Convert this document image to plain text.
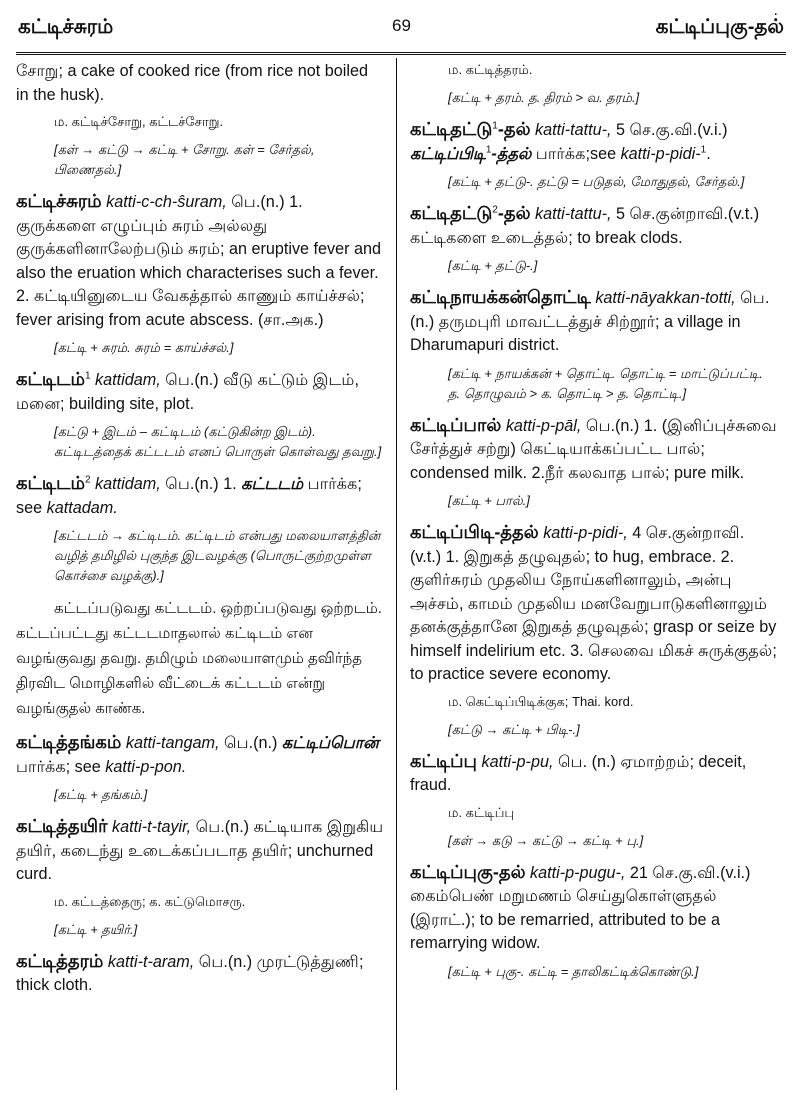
கட்டிச்சுரம்	69	கட்டிப்புகு-தல்
.

சோறு; a cake of cooked rice (from rice not boiled in the husk).

ம. கட்டிச்சோறு, கட்டச்சோறு.

[கள் → கட்டு → கட்டி + சோறு. கள் = சேர்தல், பிணைதல்.]

கட்டிச்சுரம் katti-c-ch-ŝuram, பெ.(n.) 1. குருக்களை எழுப்பும் சுரம் அல்லது குருக்களினாலேற்படும் சுரம்; an eruptive fever and also the eruation which characterises such a fever. 2. கட்டியினுடைய வேகத்தால் காணும் காய்ச்சல்; fever arising from acute abscess. (சா.அக.)

[கட்டி + சுரம். சுரம் = காய்ச்சல்.]

கட்டிடம்$^1$ kattidam, பெ.(n.) வீடு கட்டும் இடம், மனை; building site, plot.

[கட்டு + இடம் – கட்டிடம் (கட்டுகின்ற இடம்). கட்டிடத்தைக் கட்டடம் எனப் பொருள் கொள்வது தவறு.]

கட்டிடம்$^2$ kattidam, பெ.(n.) 1. கட்டடம் பார்க்க; see kattadam.

[கட்டடம் → கட்டிடம். கட்டிடம் என்பது மலையாளத்தின் வழித் தமிழில் புகுந்த இடவழக்கு (பொருட்குற்றமுள்ள கொச்சை வழக்கு).]

கட்டப்படுவது கட்டடம். ஒற்றப்படுவது ஒற்றடம். கட்டப்பட்டது கட்டடமாதலால் கட்டிடம் என வழங்குவது தவறு. தமிழும் மலையாளமும் தவிர்ந்த திரவிட மொழிகளில் வீட்டைக் கட்டடம் என்று வழங்குதல் காண்க.

கட்டித்தங்கம் katti-tangam, பெ.(n.) கட்டிப்பொன் பார்க்க; see katti-p-pon.

[கட்டி + தங்கம்.]

கட்டித்தயிர் katti-t-tayir, பெ.(n.) கட்டியாக இறுகிய தயிர், கடைந்து உடைக்கப்படாத தயிர்; unchurned curd.

ம. கட்டத்தைரு; க. கட்டுமொசரு.

[கட்டி + தயிர்.]

கட்டித்தரம் katti-t-aram, பெ.(n.) முரட்டுத்துணி; thick cloth.

ம. கட்டித்தரம்.

[கட்டி + தரம். த. திரம் > வ. தரம்.]

கட்டிதட்டு$^1$-தல் katti-tattu-, 5 செ.கு.வி.(v.i.) கட்டிப்பிடி$^1$-த்தல் பார்க்க;see katti-p-pidi-$^1$.

[கட்டி + தட்டு-. தட்டு = படுதல், மோதுதல், சேர்தல்.]

கட்டிதட்டு$^2$-தல் katti-tattu-, 5 செ.குன்றாவி.(v.t.) கட்டிகளை உடைத்தல்; to break clods.

[கட்டி + தட்டு-.]

கட்டிநாயக்கன்தொட்டி katti-nāyakkan-totti, பெ.(n.) தருமபுரி மாவட்டத்துச் சிற்றூர்; a village in Dharumapuri district.

[கட்டி + நாயக்கன் + தொட்டி. தொட்டி = மாட்டுப்பட்டி. த. தொழுவம் > க. தொட்டி > த. தொட்டி.]

கட்டிப்பால் katti-p-pāl, பெ.(n.) 1. (இனிப்புச்சுவை சேர்த்துச் சற்று) கெட்டியாக்கப்பட்ட பால்; condensed milk. 2.நீர் கலவாத பால்; pure milk.

[கட்டி + பால்.]

கட்டிப்பிடி-த்தல் katti-p-pidi-, 4 செ.குன்றாவி. (v.t.) 1. இறுகத் தழுவுதல்; to hug, embrace. 2. குளிர்சுரம் முதலிய நோய்களினாலும், அன்பு அச்சம், காமம் முதலிய மனவேறுபாடுகளினாலும் தனக்குத்தானே இறுகத் தழுவுதல்; grasp or seize by himself indelirium etc. 3. செலவை மிகச் சுருக்குதல்; to practice severe economy.

ம. கெட்டிப்பிடிக்குக; Thai. kord.

[கட்டு → கட்டி + பிடி-.]

கட்டிப்பு katti-p-pu, பெ. (n.) ஏமாற்றம்; deceit, fraud.

ம. கட்டிப்பு

[கள் → கடு → கட்டு → கட்டி + பு.]

கட்டிப்புகு-தல் katti-p-pugu-, 21 செ.கு.வி.(v.i.) கைம்பெண் மறுமணம் செய்துகொள்ளுதல் (இராட்.); to be remarried, attributed to be a remarrying widow.

[கட்டி + புகு-. கட்டி = தாலிகட்டிக்கொண்டு.]
